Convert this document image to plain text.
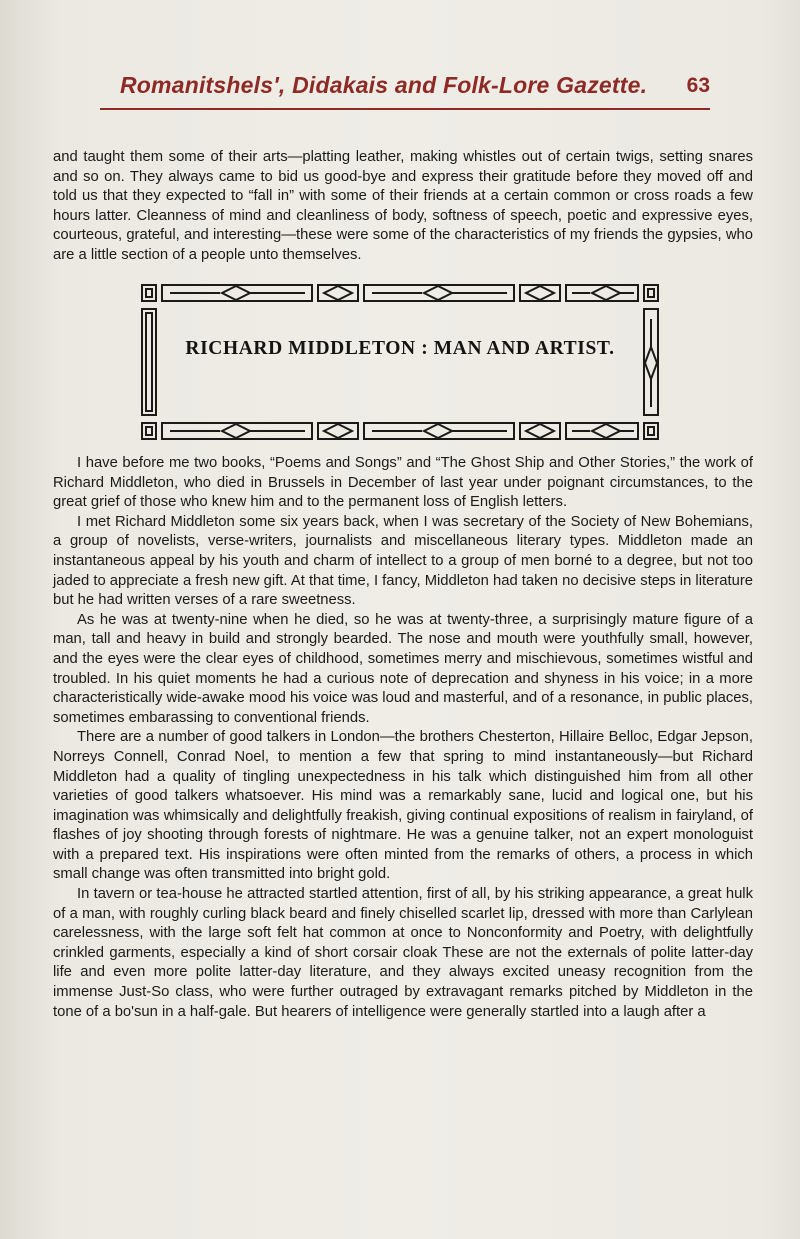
Romanitshels', Didakais and Folk-Lore Gazette. 63

and taught them some of their arts—platting leather, making whistles out of certain twigs, setting snares and so on. They always came to bid us good-bye and express their gratitude before they moved off and told us that they expected to “fall in” with some of their friends at a certain common or cross roads a few hours latter. Cleanness of mind and cleanliness of body, softness of speech, poetic and expressive eyes, courteous, grateful, and interesting—these were some of the characteristics of my friends the gypsies, who are a little section of a people unto themselves.

RICHARD MIDDLETON : MAN AND ARTIST.

I have before me two books, “Poems and Songs” and “The Ghost Ship and Other Stories,” the work of Richard Middleton, who died in Brussels in December of last year under poignant circumstances, to the great grief of those who knew him and to the permanent loss of English letters.

I met Richard Middleton some six years back, when I was secretary of the Society of New Bohemians, a group of novelists, verse-writers, journalists and miscellaneous literary types. Middleton made an instantaneous appeal by his youth and charm of intellect to a group of men borné to a degree, but not too jaded to appreciate a fresh new gift. At that time, I fancy, Middleton had taken no decisive steps in literature but he had written verses of a rare sweetness.

As he was at twenty-nine when he died, so he was at twenty-three, a surprisingly mature figure of a man, tall and heavy in build and strongly bearded. The nose and mouth were youthfully small, however, and the eyes were the clear eyes of childhood, sometimes merry and mischievous, sometimes wistful and troubled. In his quiet moments he had a curious note of deprecation and shyness in his voice; in a more characteristically wide-awake mood his voice was loud and masterful, and of a resonance, in public places, sometimes embarassing to conventional friends.

There are a number of good talkers in London—the brothers Chesterton, Hillaire Belloc, Edgar Jepson, Norreys Connell, Conrad Noel, to mention a few that spring to mind instantaneously—but Richard Middleton had a quality of tingling unexpectedness in his talk which distinguished him from all other varieties of good talkers whatsoever. His mind was a remarkably sane, lucid and logical one, but his imagination was whimsically and delightfully freakish, giving continual expositions of realism in fairyland, of flashes of joy shooting through forests of nightmare. He was a genuine talker, not an expert monologuist with a prepared text. His inspirations were often minted from the remarks of others, a process in which small change was often transmitted into bright gold.

In tavern or tea-house he attracted startled attention, first of all, by his striking appearance, a great hulk of a man, with roughly curling black beard and finely chiselled scarlet lip, dressed with more than Carlylean carelessness, with the large soft felt hat common at once to Nonconformity and Poetry, with delightfully crinkled garments, especially a kind of short corsair cloak These are not the externals of polite latter-day life and even more polite latter-day literature, and they always excited uneasy recognition from the immense Just-So class, who were further outraged by extravagant remarks pitched by Middleton in the tone of a bo'sun in a half-gale. But hearers of intelligence were generally startled into a laugh after a
